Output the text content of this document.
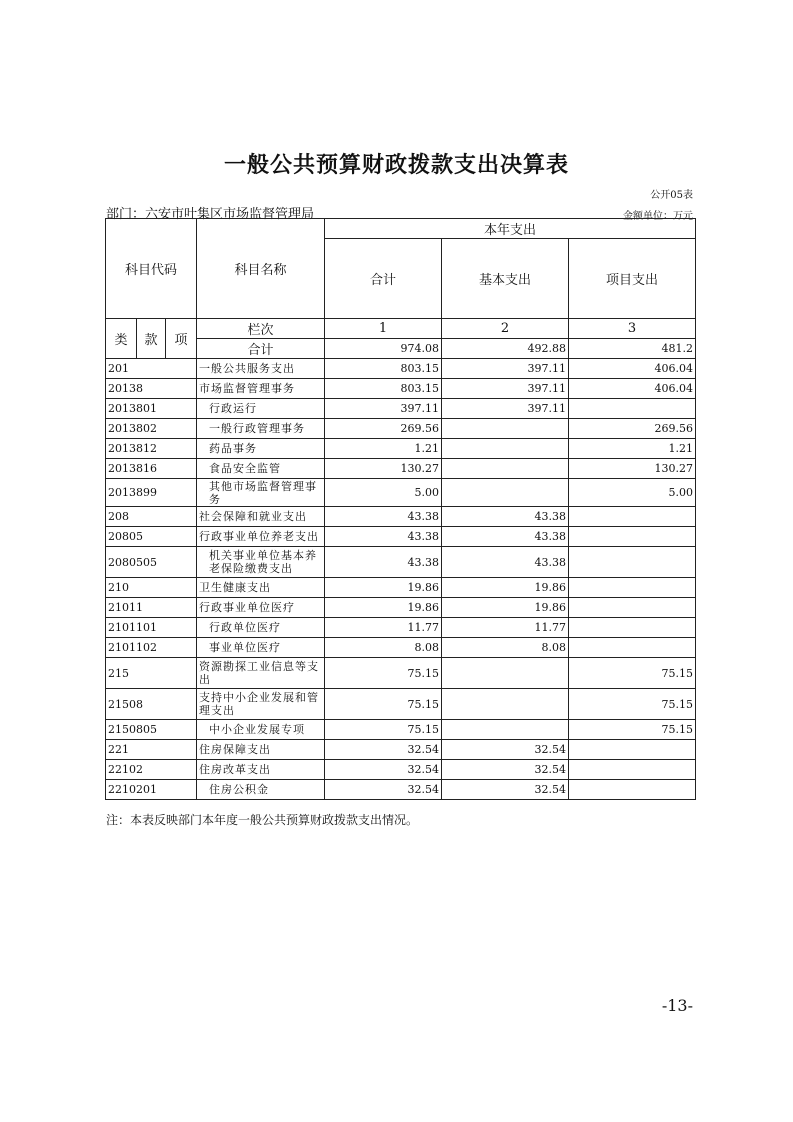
一般公共预算财政拨款支出决算表
公开05表
部门：六安市叶集区市场监督管理局	金额单位：万元
科目代码			科目名称	本年支出		
				合计	基本支出	项目支出
类	款	项	栏次	1	2	3
			合计	974.08	492.88	481.2
201			一般公共服务支出	803.15	397.11	406.04
20138			市场监督管理事务	803.15	397.11	406.04
2013801			行政运行	397.11	397.11	
2013802			一般行政管理事务	269.56		269.56
2013812			药品事务	1.21		1.21
2013816			食品安全监管	130.27		130.27
2013899			其他市场监督管理事务	5.00		5.00
208			社会保障和就业支出	43.38	43.38	
20805			行政事业单位养老支出	43.38	43.38	
2080505			机关事业单位基本养老保险缴费支出	43.38	43.38	
210			卫生健康支出	19.86	19.86	
21011			行政事业单位医疗	19.86	19.86	
2101101			行政单位医疗	11.77	11.77	
2101102			事业单位医疗	8.08	8.08	
215			资源勘探工业信息等支出	75.15		75.15
21508			支持中小企业发展和管理支出	75.15		75.15
2150805			中小企业发展专项	75.15		75.15
221			住房保障支出	32.54	32.54	
22102			住房改革支出	32.54	32.54	
2210201			住房公积金	32.54	32.54	
注：本表反映部门本年度一般公共预算财政拨款支出情况。
-13-
